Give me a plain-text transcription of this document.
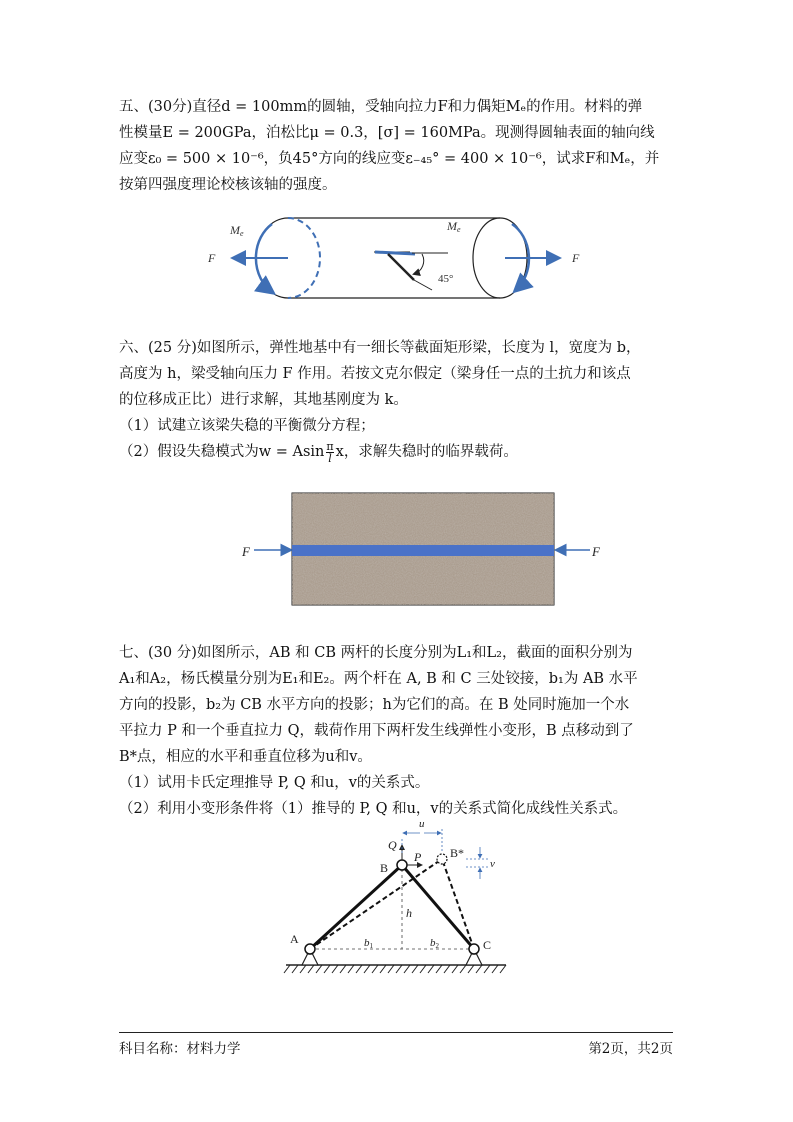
五、(30分)直径d = 100mm的圆轴，受轴向拉力F和力偶矩Mₑ的作用。材料的弹

性模量E = 200GPa，泊松比μ = 0.3，[σ] = 160MPa。现测得圆轴表面的轴向线

应变ε₀ = 500 × 10⁻⁶，负45°方向的线应变ε₋₄₅° = 400 × 10⁻⁶，试求F和Mₑ，并

按第四强度理论校核该轴的强度。

Me
Me
F	F
45°

六、(25 分)如图所示，弹性地基中有一细长等截面矩形梁，长度为 l，宽度为 b，

高度为 h，梁受轴向压力 F 作用。若按文克尔假定（梁身任一点的土抗力和该点

的位移成正比）进行求解，其地基刚度为 k。

（1）试建立该梁失稳的平衡微分方程；

（2）假设失稳模式为w = Asin $\frac{\pi}{l}$ x，求解失稳时的临界载荷。

F	F

七、(30 分)如图所示，AB 和 CB 两杆的长度分别为L₁和L₂，截面的面积分别为

A₁和A₂，杨氏模量分别为E₁和E₂。两个杆在 A, B 和 C 三处铰接，b₁为 AB 水平

方向的投影，b₂为 CB 水平方向的投影；h为它们的高。在 B 处同时施加一个水

平拉力 P 和一个垂直拉力 Q，载荷作用下两杆发生线弹性小变形，B 点移动到了

B*点，相应的水平和垂直位移为u和v。

（1）试用卡氏定理推导 P, Q 和u，v的关系式。

（2）利用小变形条件将（1）推导的 P, Q 和u，v的关系式简化成线性关系式。

u
Q
P
B
B*
v
h
A	C
b1	b2
科目名称：材料力学	第2页，共2页
